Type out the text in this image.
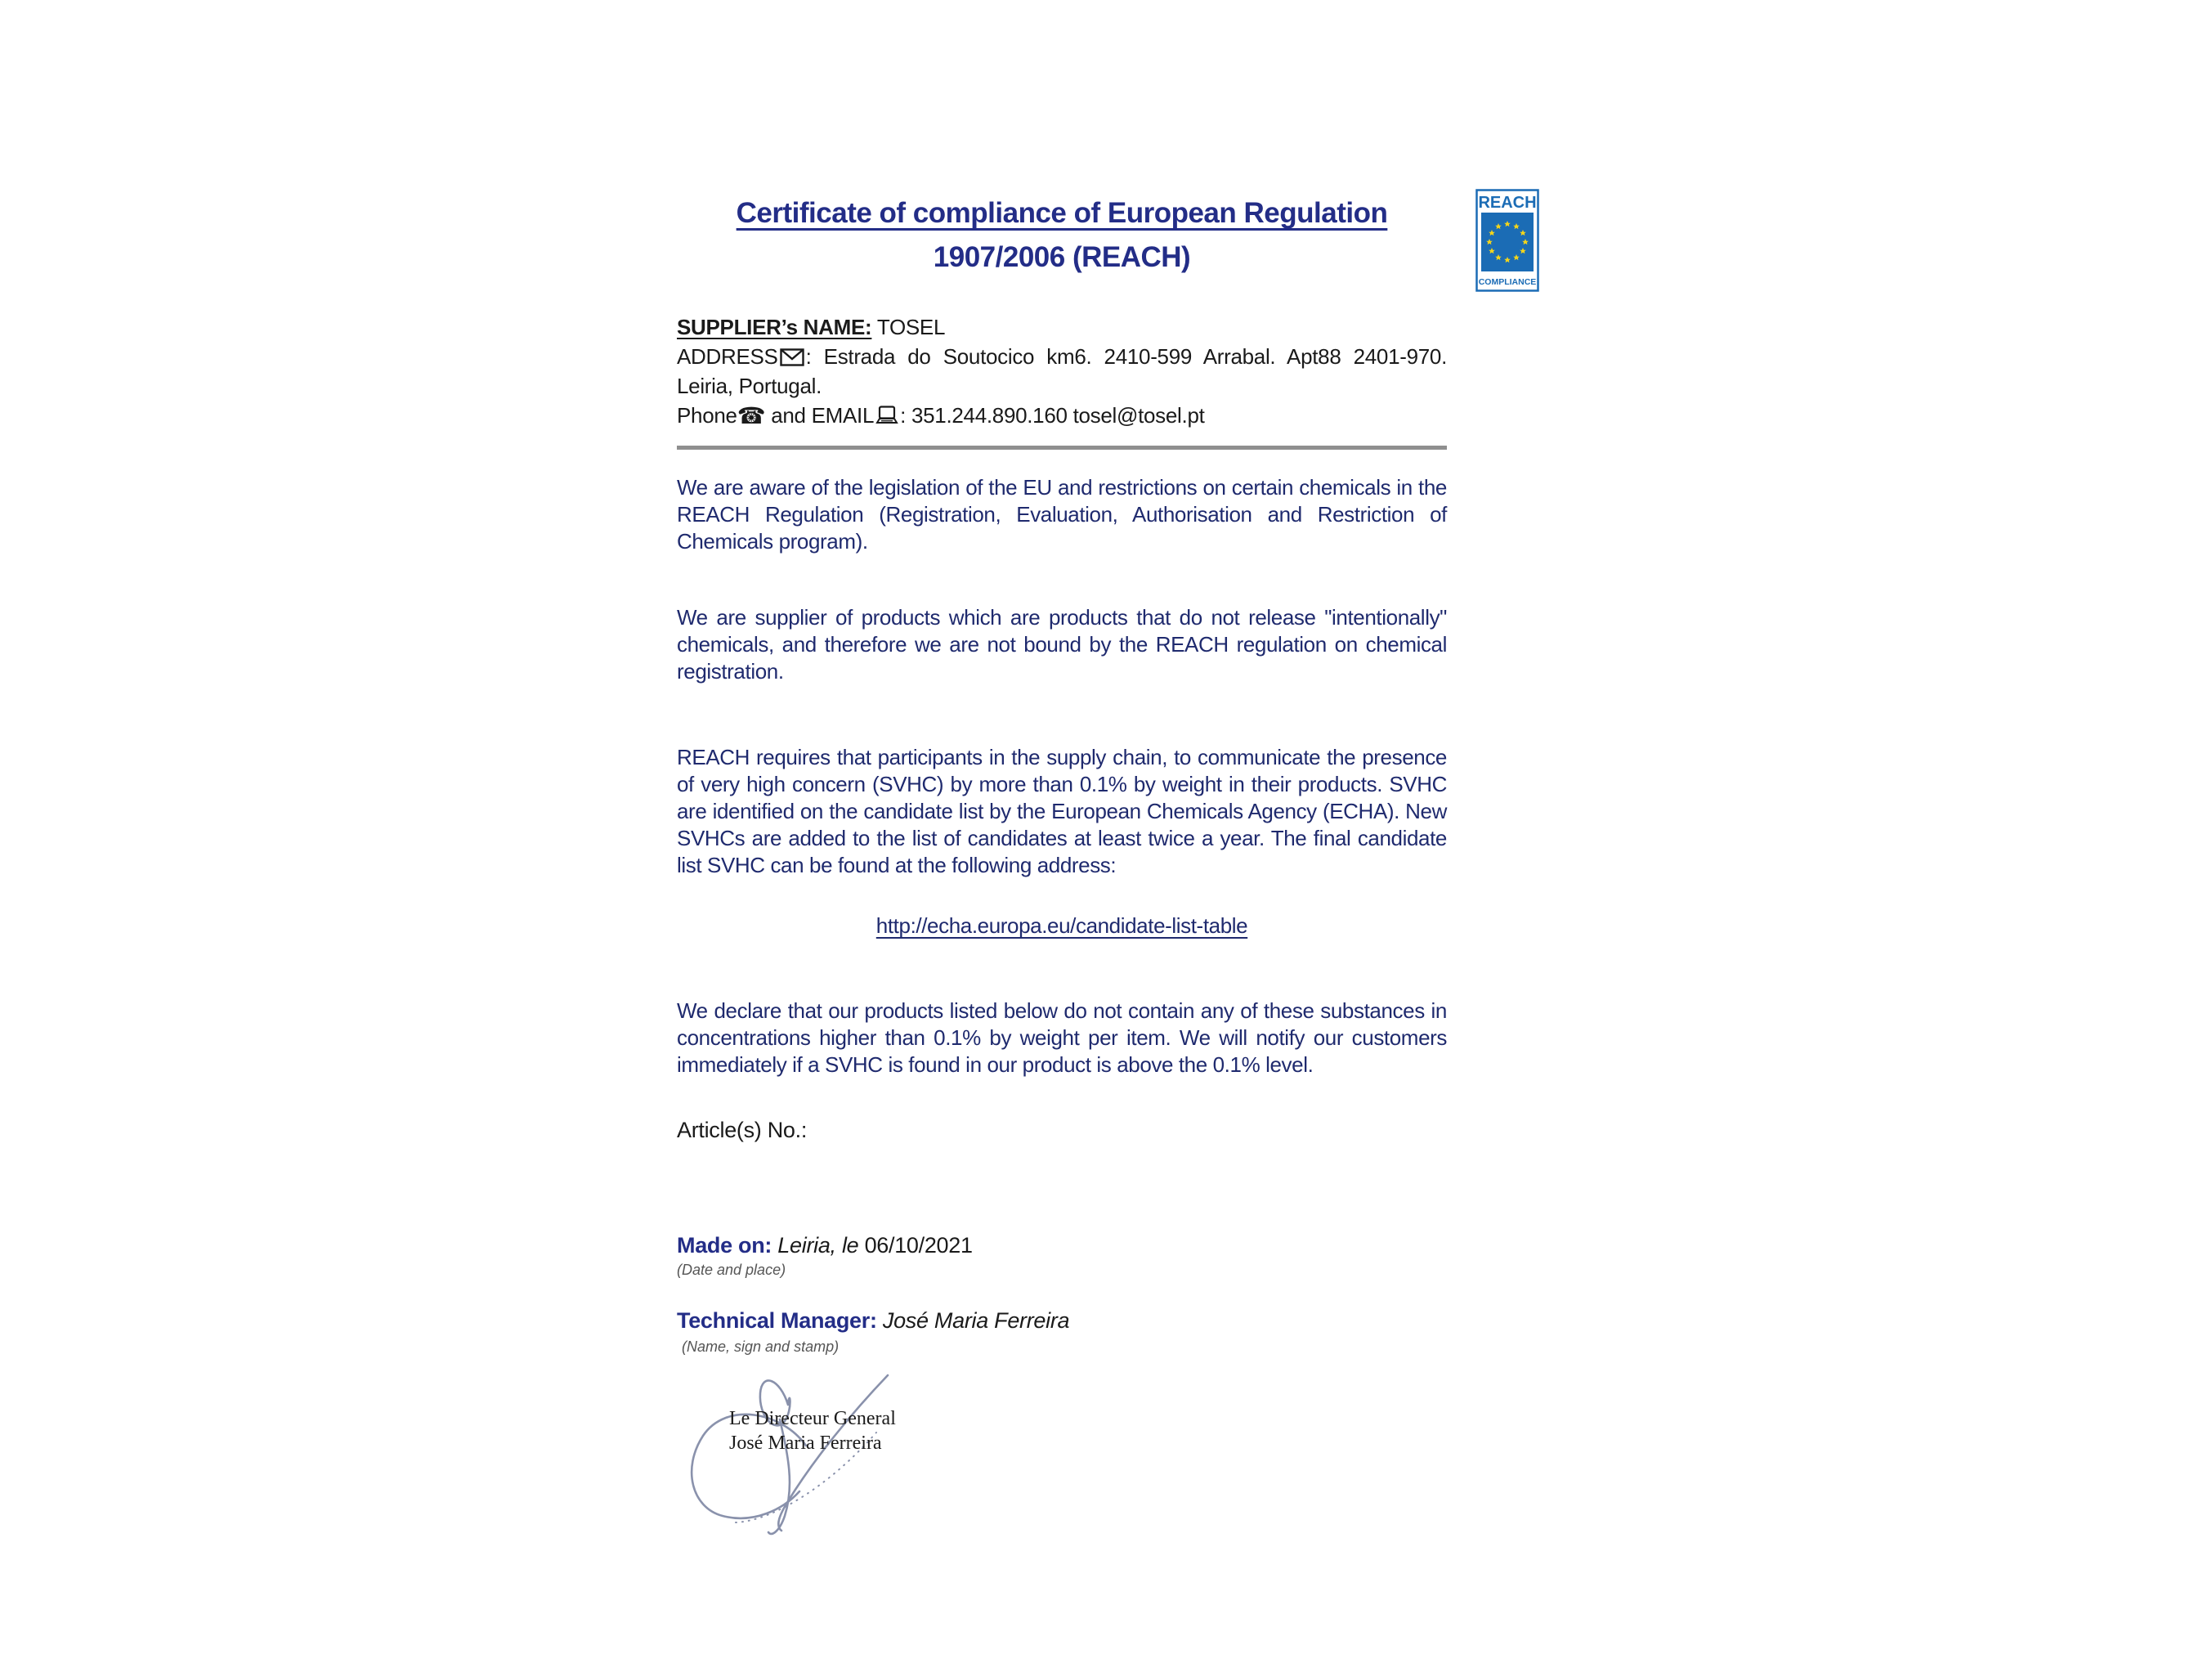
Certificate of compliance of European Regulation
1907/2006 (REACH)
SUPPLIER’s NAME: TOSEL
ADDRESS : Estrada do Soutocico km6. 2410-599 Arrabal. Apt88 2401-970. Leiria, Portugal.
Phone☎ and EMAIL : 351.244.890.160 tosel@tosel.pt

We are aware of the legislation of the EU and restrictions on certain chemicals in the REACH Regulation (Registration, Evaluation, Authorisation and Restriction of Chemicals program).

We are supplier of products which are products that do not release "intentionally" chemicals, and therefore we are not bound by the REACH regulation on chemical registration.

REACH requires that participants in the supply chain, to communicate the presence of very high concern (SVHC) by more than 0.1% by weight in their products. SVHC are identified on the candidate list by the European Chemicals Agency (ECHA). New SVHCs are added to the list of candidates at least twice a year. The final candidate list SVHC can be found at the following address:

http://echa.europa.eu/candidate-list-table

We declare that our products listed below do not contain any of these substances in concentrations higher than 0.1% by weight per item. We will notify our customers immediately if a SVHC is found in our product is above the 0.1% level.

Article(s) No.:

Made on: Leiria, le 06/10/2021

(Date and place)

Technical Manager: José Maria Ferreira

(Name, sign and stamp)

Le Directeur General
José Maria Ferreira
REACH
COMPLIANCE
